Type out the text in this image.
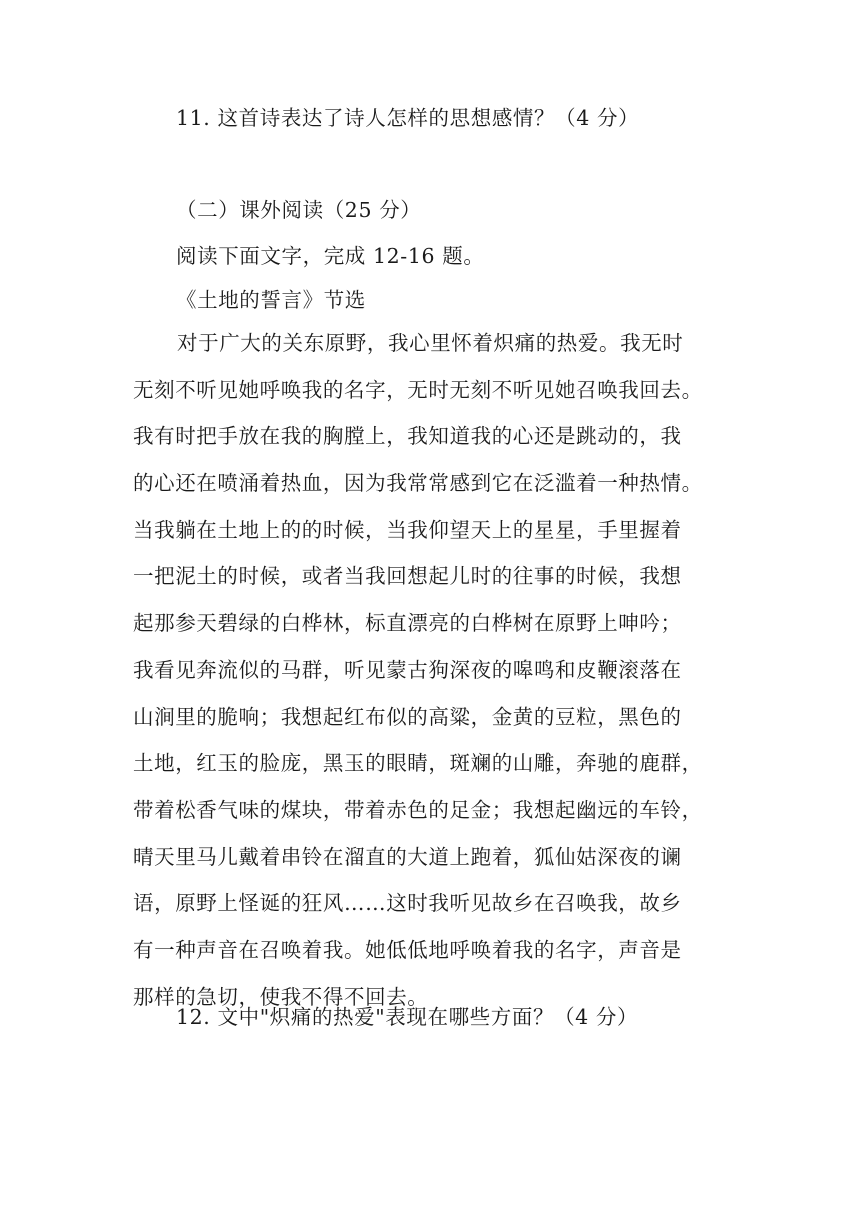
11. 这首诗表达了诗人怎样的思想感情？（4 分）
（二）课外阅读（25 分）
阅读下面文字，完成 12-16 题。
《土地的誓言》节选
对于广大的关东原野，我心里怀着炽痛的热爱。我无时
无刻不听见她呼唤我的名字，无时无刻不听见她召唤我回去。
我有时把手放在我的胸膛上，我知道我的心还是跳动的，我
的心还在喷涌着热血，因为我常常感到它在泛滥着一种热情。
当我躺在土地上的的时候，当我仰望天上的星星，手里握着
一把泥土的时候，或者当我回想起儿时的往事的时候，我想
起那参天碧绿的白桦林，标直漂亮的白桦树在原野上呻吟；
我看见奔流似的马群，听见蒙古狗深夜的嗥鸣和皮鞭滚落在
山涧里的脆响；我想起红布似的高粱，金黄的豆粒，黑色的
土地，红玉的脸庞，黑玉的眼睛，斑斓的山雕，奔驰的鹿群，
带着松香气味的煤块，带着赤色的足金；我想起幽远的车铃，
晴天里马儿戴着串铃在溜直的大道上跑着，狐仙姑深夜的谰
语，原野上怪诞的狂风……这时我听见故乡在召唤我，故乡
有一种声音在召唤着我。她低低地呼唤着我的名字，声音是
那样的急切，使我不得不回去。
12. 文中"炽痛的热爱"表现在哪些方面？（4 分）
